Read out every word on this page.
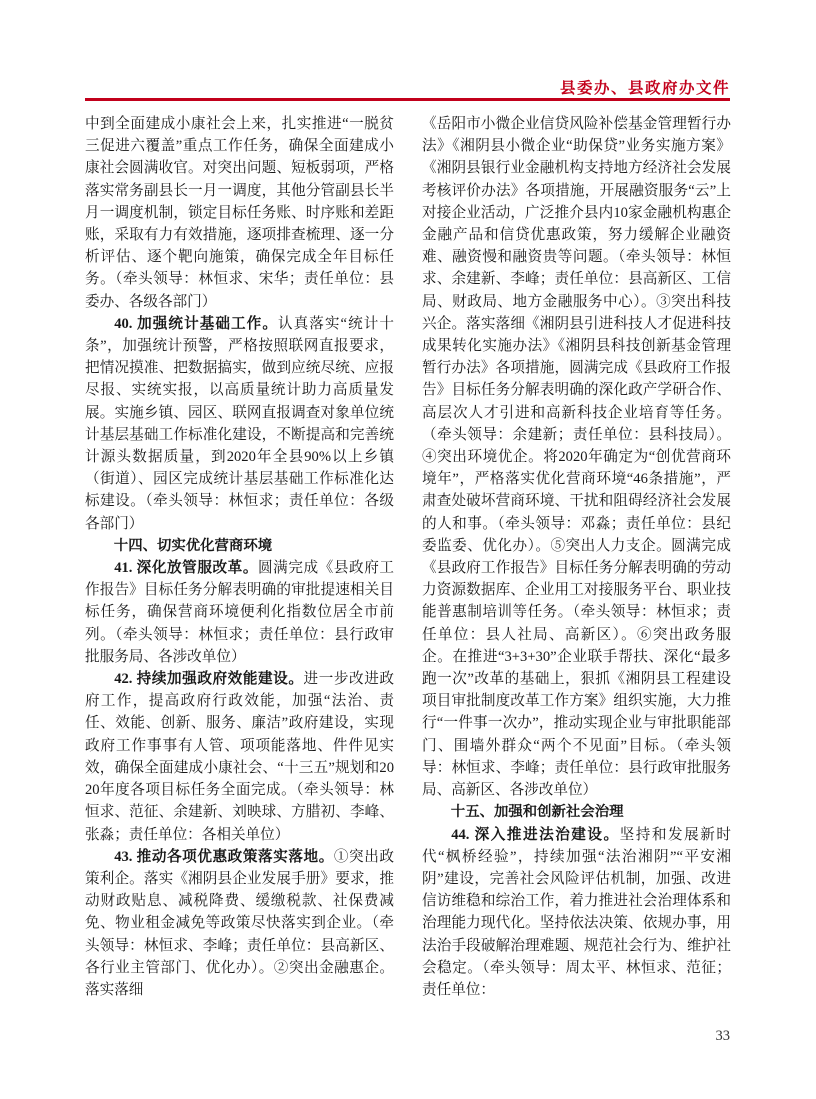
县委办、县政府办文件

中到全面建成小康社会上来，扎实推进“一脱贫三促进六覆盖”重点工作任务，确保全面建成小康社会圆满收官。对突出问题、短板弱项，严格落实常务副县长一月一调度，其他分管副县长半月一调度机制，锁定目标任务账、时序账和差距账，采取有力有效措施，逐项排查梳理、逐一分析评估、逐个靶向施策，确保完成全年目标任务。（牵头领导：林恒求、宋华；责任单位：县委办、各级各部门）

40. 加强统计基础工作。认真落实“统计十条”，加强统计预警，严格按照联网直报要求，把情况摸准、把数据搞实，做到应统尽统、应报尽报、实统实报，以高质量统计助力高质量发展。实施乡镇、园区、联网直报调查对象单位统计基层基础工作标准化建设，不断提高和完善统计源头数据质量，到2020年全县90%以上乡镇（街道）、园区完成统计基层基础工作标准化达标建设。（牵头领导：林恒求；责任单位：各级各部门）

十四、切实优化营商环境

41. 深化放管服改革。圆满完成《县政府工作报告》目标任务分解表明确的审批提速相关目标任务，确保营商环境便利化指数位居全市前列。（牵头领导：林恒求；责任单位：县行政审批服务局、各涉改单位）

42. 持续加强政府效能建设。进一步改进政府工作，提高政府行政效能，加强“法治、责任、效能、创新、服务、廉洁”政府建设，实现政府工作事事有人管、项项能落地、件件见实效，确保全面建成小康社会、“十三五”规划和2020年度各项目标任务全面完成。（牵头领导：林恒求、范征、余建新、刘映球、方腊初、李峰、张淼；责任单位：各相关单位）

43. 推动各项优惠政策落实落地。①突出政策利企。落实《湘阴县企业发展手册》要求，推动财政贴息、减税降费、缓缴税款、社保费减免、物业租金减免等政策尽快落实到企业。（牵头领导：林恒求、李峰；责任单位：县高新区、各行业主管部门、优化办）。②突出金融惠企。落实落细

《岳阳市小微企业信贷风险补偿基金管理暂行办法》《湘阴县小微企业“助保贷”业务实施方案》《湘阴县银行业金融机构支持地方经济社会发展考核评价办法》各项措施，开展融资服务“云”上对接企业活动，广泛推介县内10家金融机构惠企金融产品和信贷优惠政策，努力缓解企业融资难、融资慢和融资贵等问题。（牵头领导：林恒求、余建新、李峰；责任单位：县高新区、工信局、财政局、地方金融服务中心）。③突出科技兴企。落实落细《湘阴县引进科技人才促进科技成果转化实施办法》《湘阴县科技创新基金管理暂行办法》各项措施，圆满完成《县政府工作报告》目标任务分解表明确的深化政产学研合作、高层次人才引进和高新科技企业培育等任务。（牵头领导：余建新；责任单位：县科技局）。④突出环境优企。将2020年确定为“创优营商环境年”，严格落实优化营商环境“46条措施”，严肃查处破坏营商环境、干扰和阻碍经济社会发展的人和事。（牵头领导：邓淼；责任单位：县纪委监委、优化办）。⑤突出人力支企。圆满完成《县政府工作报告》目标任务分解表明确的劳动力资源数据库、企业用工对接服务平台、职业技能普惠制培训等任务。（牵头领导：林恒求；责任单位：县人社局、高新区）。⑥突出政务服企。在推进“3+3+30”企业联手帮扶、深化“最多跑一次”改革的基础上，狠抓《湘阴县工程建设项目审批制度改革工作方案》组织实施，大力推行“一件事一次办”，推动实现企业与审批职能部门、围墙外群众“两个不见面”目标。（牵头领导：林恒求、李峰；责任单位：县行政审批服务局、高新区、各涉改单位）

十五、加强和创新社会治理

44. 深入推进法治建设。坚持和发展新时代“枫桥经验”，持续加强“法治湘阴”“平安湘阴”建设，完善社会风险评估机制，加强、改进信访维稳和综治工作，着力推进社会治理体系和治理能力现代化。坚持依法决策、依规办事，用法治手段破解治理难题、规范社会行为、维护社会稳定。（牵头领导：周太平、林恒求、范征；责任单位：

33
